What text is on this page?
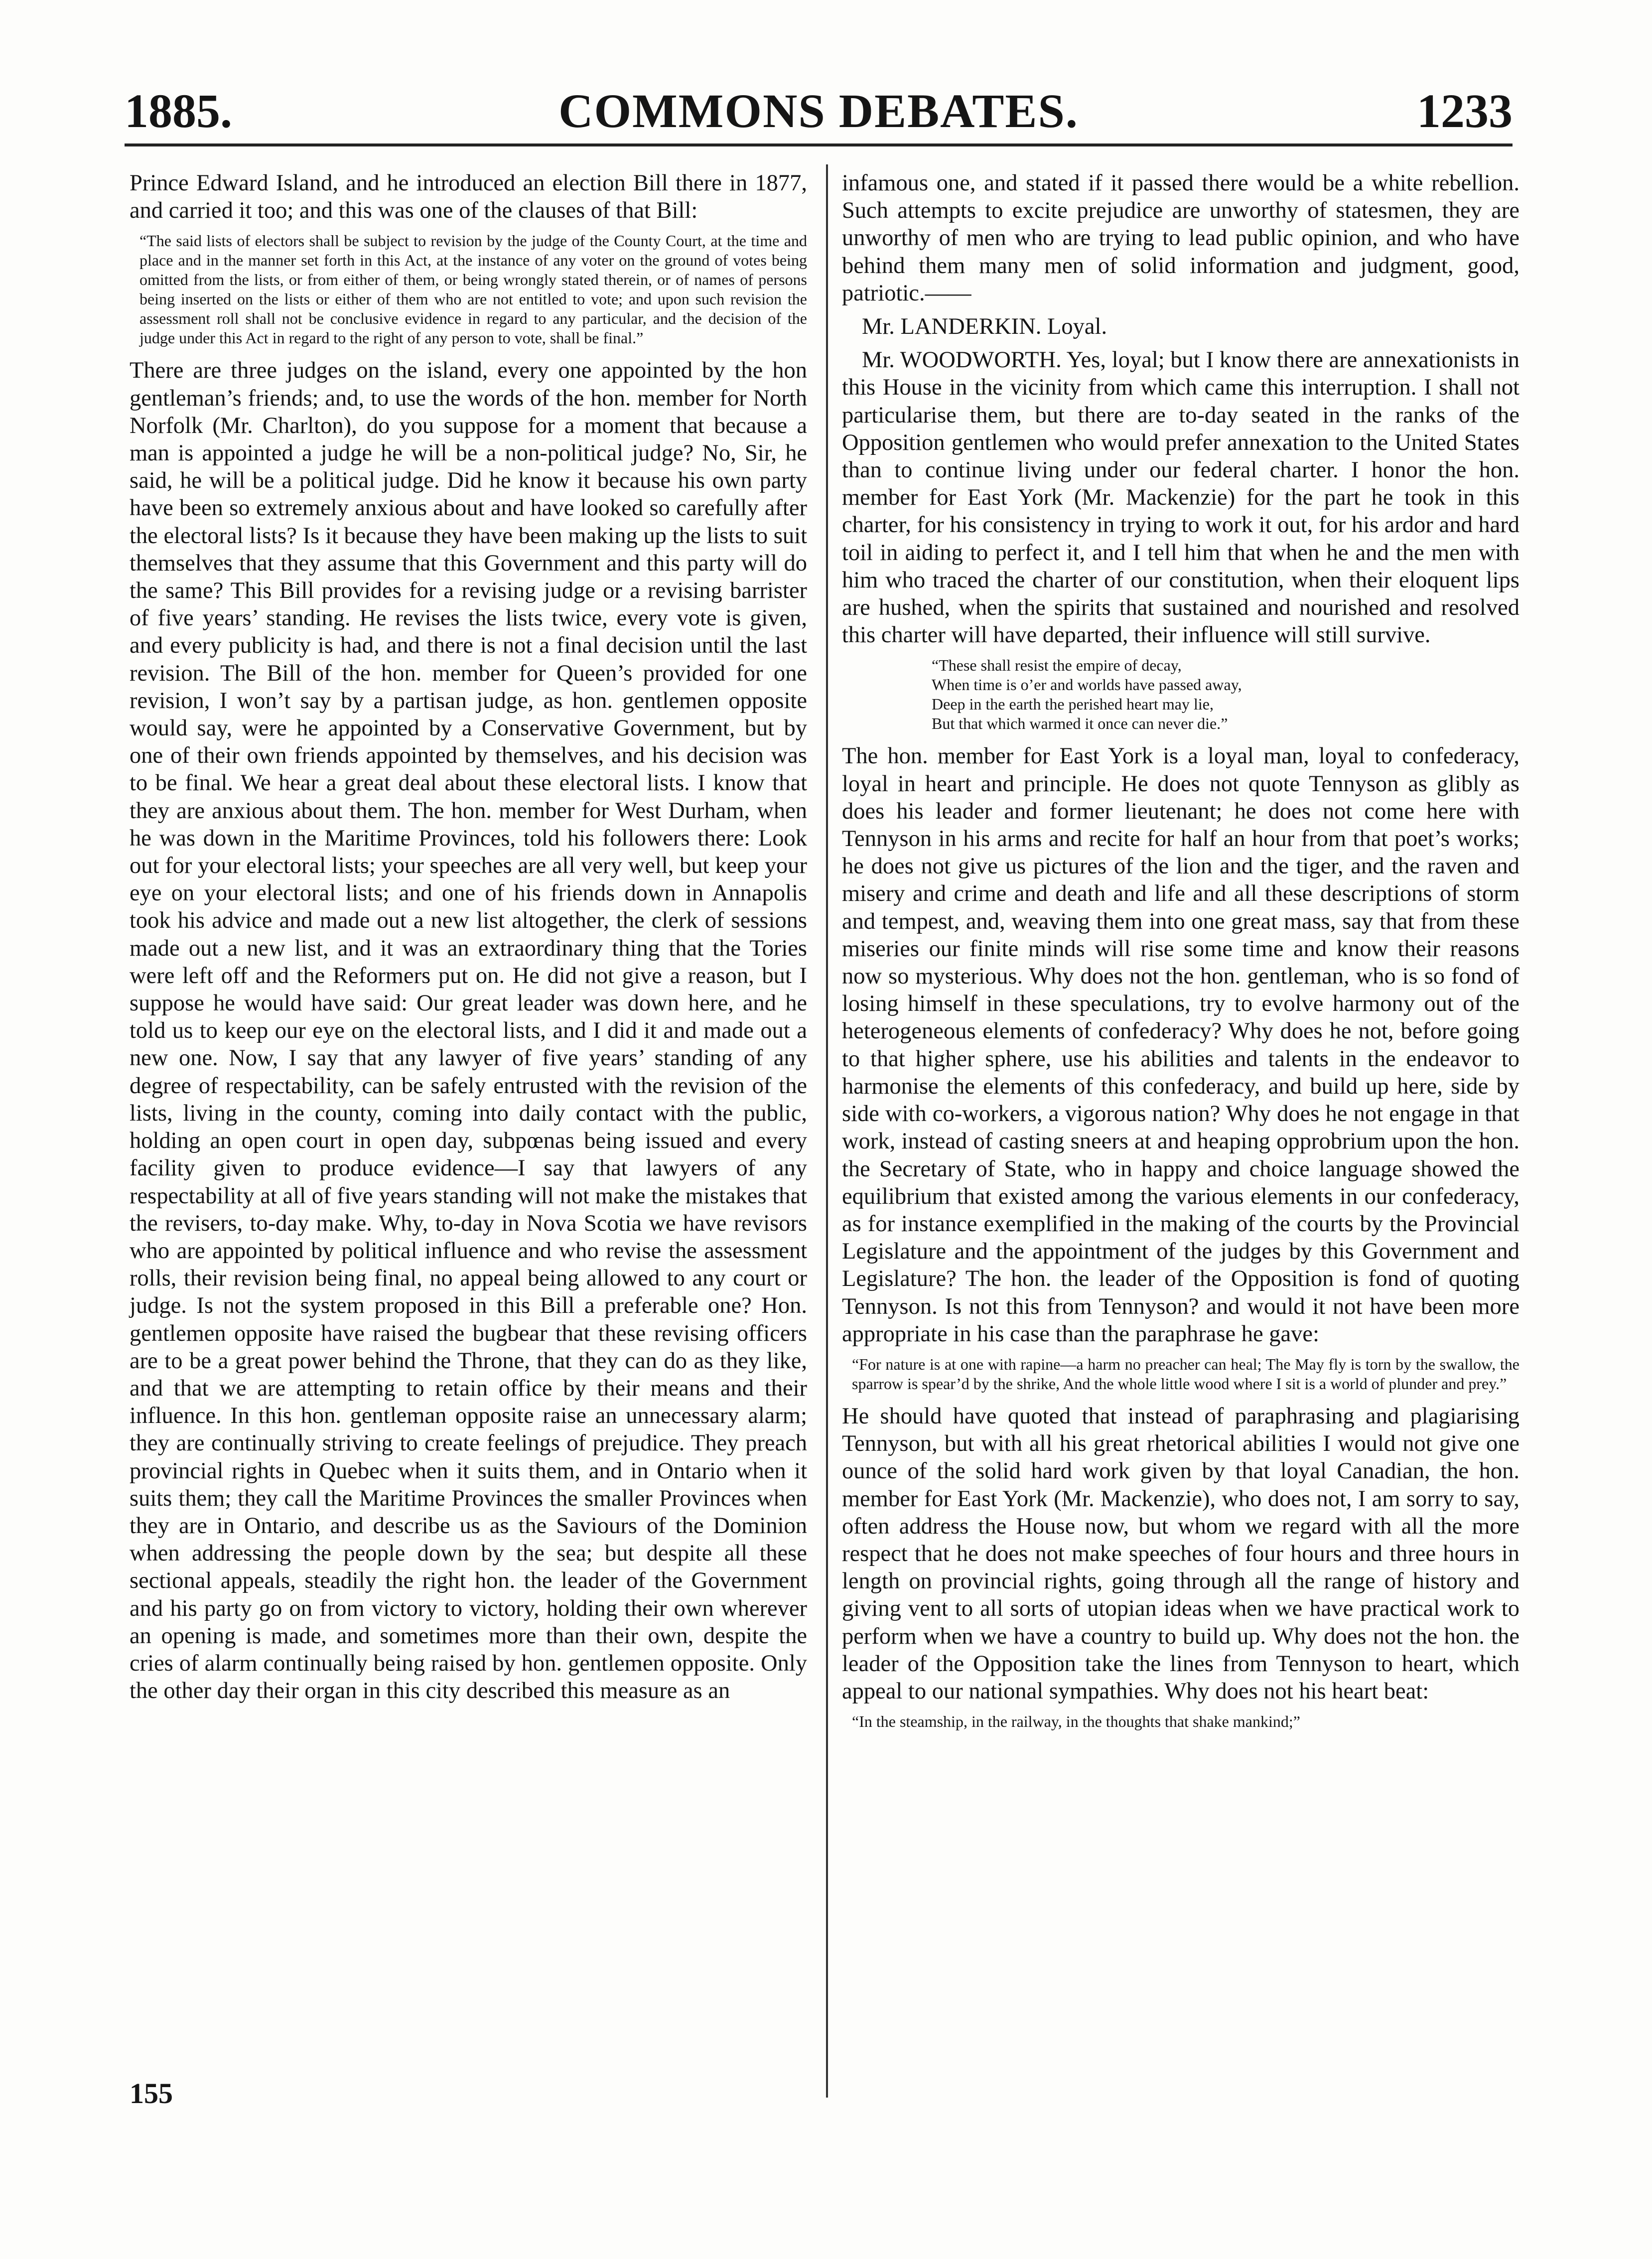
1885.	COMMONS DEBATES.	1233

Prince Edward Island, and he introduced an election Bill there in 1877, and carried it too; and this was one of the clauses of that Bill:

“The said lists of electors shall be subject to revision by the judge of the County Court, at the time and place and in the manner set forth in this Act, at the instance of any voter on the ground of votes being omitted from the lists, or from either of them, or being wrongly stated therein, or of names of persons being inserted on the lists or either of them who are not entitled to vote; and upon such revision the assessment roll shall not be conclusive evidence in regard to any particular, and the decision of the judge under this Act in regard to the right of any person to vote, shall be final.”

There are three judges on the island, every one appointed by the hon gentleman’s friends; and, to use the words of the hon. member for North Norfolk (Mr. Charlton), do you suppose for a moment that because a man is appointed a judge he will be a non-political judge? No, Sir, he said, he will be a political judge. Did he know it because his own party have been so extremely anxious about and have looked so carefully after the electoral lists? Is it because they have been making up the lists to suit themselves that they assume that this Government and this party will do the same? This Bill provides for a revising judge or a revising barrister of five years’ standing. He revises the lists twice, every vote is given, and every publicity is had, and there is not a final decision until the last revision. The Bill of the hon. member for Queen’s provided for one revision, I won’t say by a partisan judge, as hon. gentlemen opposite would say, were he appointed by a Conservative Government, but by one of their own friends appointed by themselves, and his decision was to be final. We hear a great deal about these electoral lists. I know that they are anxious about them. The hon. member for West Durham, when he was down in the Maritime Provinces, told his followers there: Look out for your electoral lists; your speeches are all very well, but keep your eye on your electoral lists; and one of his friends down in Annapolis took his advice and made out a new list altogether, the clerk of sessions made out a new list, and it was an extraordinary thing that the Tories were left off and the Reformers put on. He did not give a reason, but I suppose he would have said: Our great leader was down here, and he told us to keep our eye on the electoral lists, and I did it and made out a new one. Now, I say that any lawyer of five years’ standing of any degree of respectability, can be safely entrusted with the revision of the lists, living in the county, coming into daily contact with the public, holding an open court in open day, subpœnas being issued and every facility given to produce evidence—I say that lawyers of any respectability at all of five years standing will not make the mistakes that the revisers, to-day make. Why, to-day in Nova Scotia we have revisors who are appointed by political influence and who revise the assessment rolls, their revision being final, no appeal being allowed to any court or judge. Is not the system proposed in this Bill a preferable one? Hon. gentlemen opposite have raised the bugbear that these revising officers are to be a great power behind the Throne, that they can do as they like, and that we are attempting to retain office by their means and their influence. In this hon. gentleman opposite raise an unnecessary alarm; they are continually striving to create feelings of prejudice. They preach provincial rights in Quebec when it suits them, and in Ontario when it suits them; they call the Maritime Provinces the smaller Provinces when they are in Ontario, and describe us as the Saviours of the Dominion when addressing the people down by the sea; but despite all these sectional appeals, steadily the right hon. the leader of the Government and his party go on from victory to victory, holding their own wherever an opening is made, and sometimes more than their own, despite the cries of alarm continually being raised by hon. gentlemen opposite. Only the other day their organ in this city described this measure as an

infamous one, and stated if it passed there would be a white rebellion. Such attempts to excite prejudice are unworthy of statesmen, they are unworthy of men who are trying to lead public opinion, and who have behind them many men of solid information and judgment, good, patriotic.——

Mr. LANDERKIN. Loyal.

Mr. WOODWORTH. Yes, loyal; but I know there are annexationists in this House in the vicinity from which came this interruption. I shall not particularise them, but there are to-day seated in the ranks of the Opposition gentlemen who would prefer annexation to the United States than to continue living under our federal charter. I honor the hon. member for East York (Mr. Mackenzie) for the part he took in this charter, for his consistency in trying to work it out, for his ardor and hard toil in aiding to perfect it, and I tell him that when he and the men with him who traced the charter of our constitution, when their eloquent lips are hushed, when the spirits that sustained and nourished and resolved this charter will have departed, their influence will still survive.

“These shall resist the empire of decay,
When time is o’er and worlds have passed away,
Deep in the earth the perished heart may lie,
But that which warmed it once can never die.”

The hon. member for East York is a loyal man, loyal to confederacy, loyal in heart and principle. He does not quote Tennyson as glibly as does his leader and former lieutenant; he does not come here with Tennyson in his arms and recite for half an hour from that poet’s works; he does not give us pictures of the lion and the tiger, and the raven and misery and crime and death and life and all these descriptions of storm and tempest, and, weaving them into one great mass, say that from these miseries our finite minds will rise some time and know their reasons now so mysterious. Why does not the hon. gentleman, who is so fond of losing himself in these speculations, try to evolve harmony out of the heterogeneous elements of confederacy? Why does he not, before going to that higher sphere, use his abilities and talents in the endeavor to harmonise the elements of this confederacy, and build up here, side by side with co-workers, a vigorous nation? Why does he not engage in that work, instead of casting sneers at and heaping opprobrium upon the hon. the Secretary of State, who in happy and choice language showed the equilibrium that existed among the various elements in our confederacy, as for instance exemplified in the making of the courts by the Provincial Legislature and the appointment of the judges by this Government and Legislature? The hon. the leader of the Opposition is fond of quoting Tennyson. Is not this from Tennyson? and would it not have been more appropriate in his case than the paraphrase he gave:

“For nature is at one with rapine—a harm no preacher can heal; The May fly is torn by the swallow, the sparrow is spear’d by the shrike, And the whole little wood where I sit is a world of plunder and prey.”

He should have quoted that instead of paraphrasing and plagiarising Tennyson, but with all his great rhetorical abilities I would not give one ounce of the solid hard work given by that loyal Canadian, the hon. member for East York (Mr. Mackenzie), who does not, I am sorry to say, often address the House now, but whom we regard with all the more respect that he does not make speeches of four hours and three hours in length on provincial rights, going through all the range of history and giving vent to all sorts of utopian ideas when we have practical work to perform when we have a country to build up. Why does not the hon. the leader of the Opposition take the lines from Tennyson to heart, which appeal to our national sympathies. Why does not his heart beat:

“In the steamship, in the railway, in the thoughts that shake mankind;”
155
